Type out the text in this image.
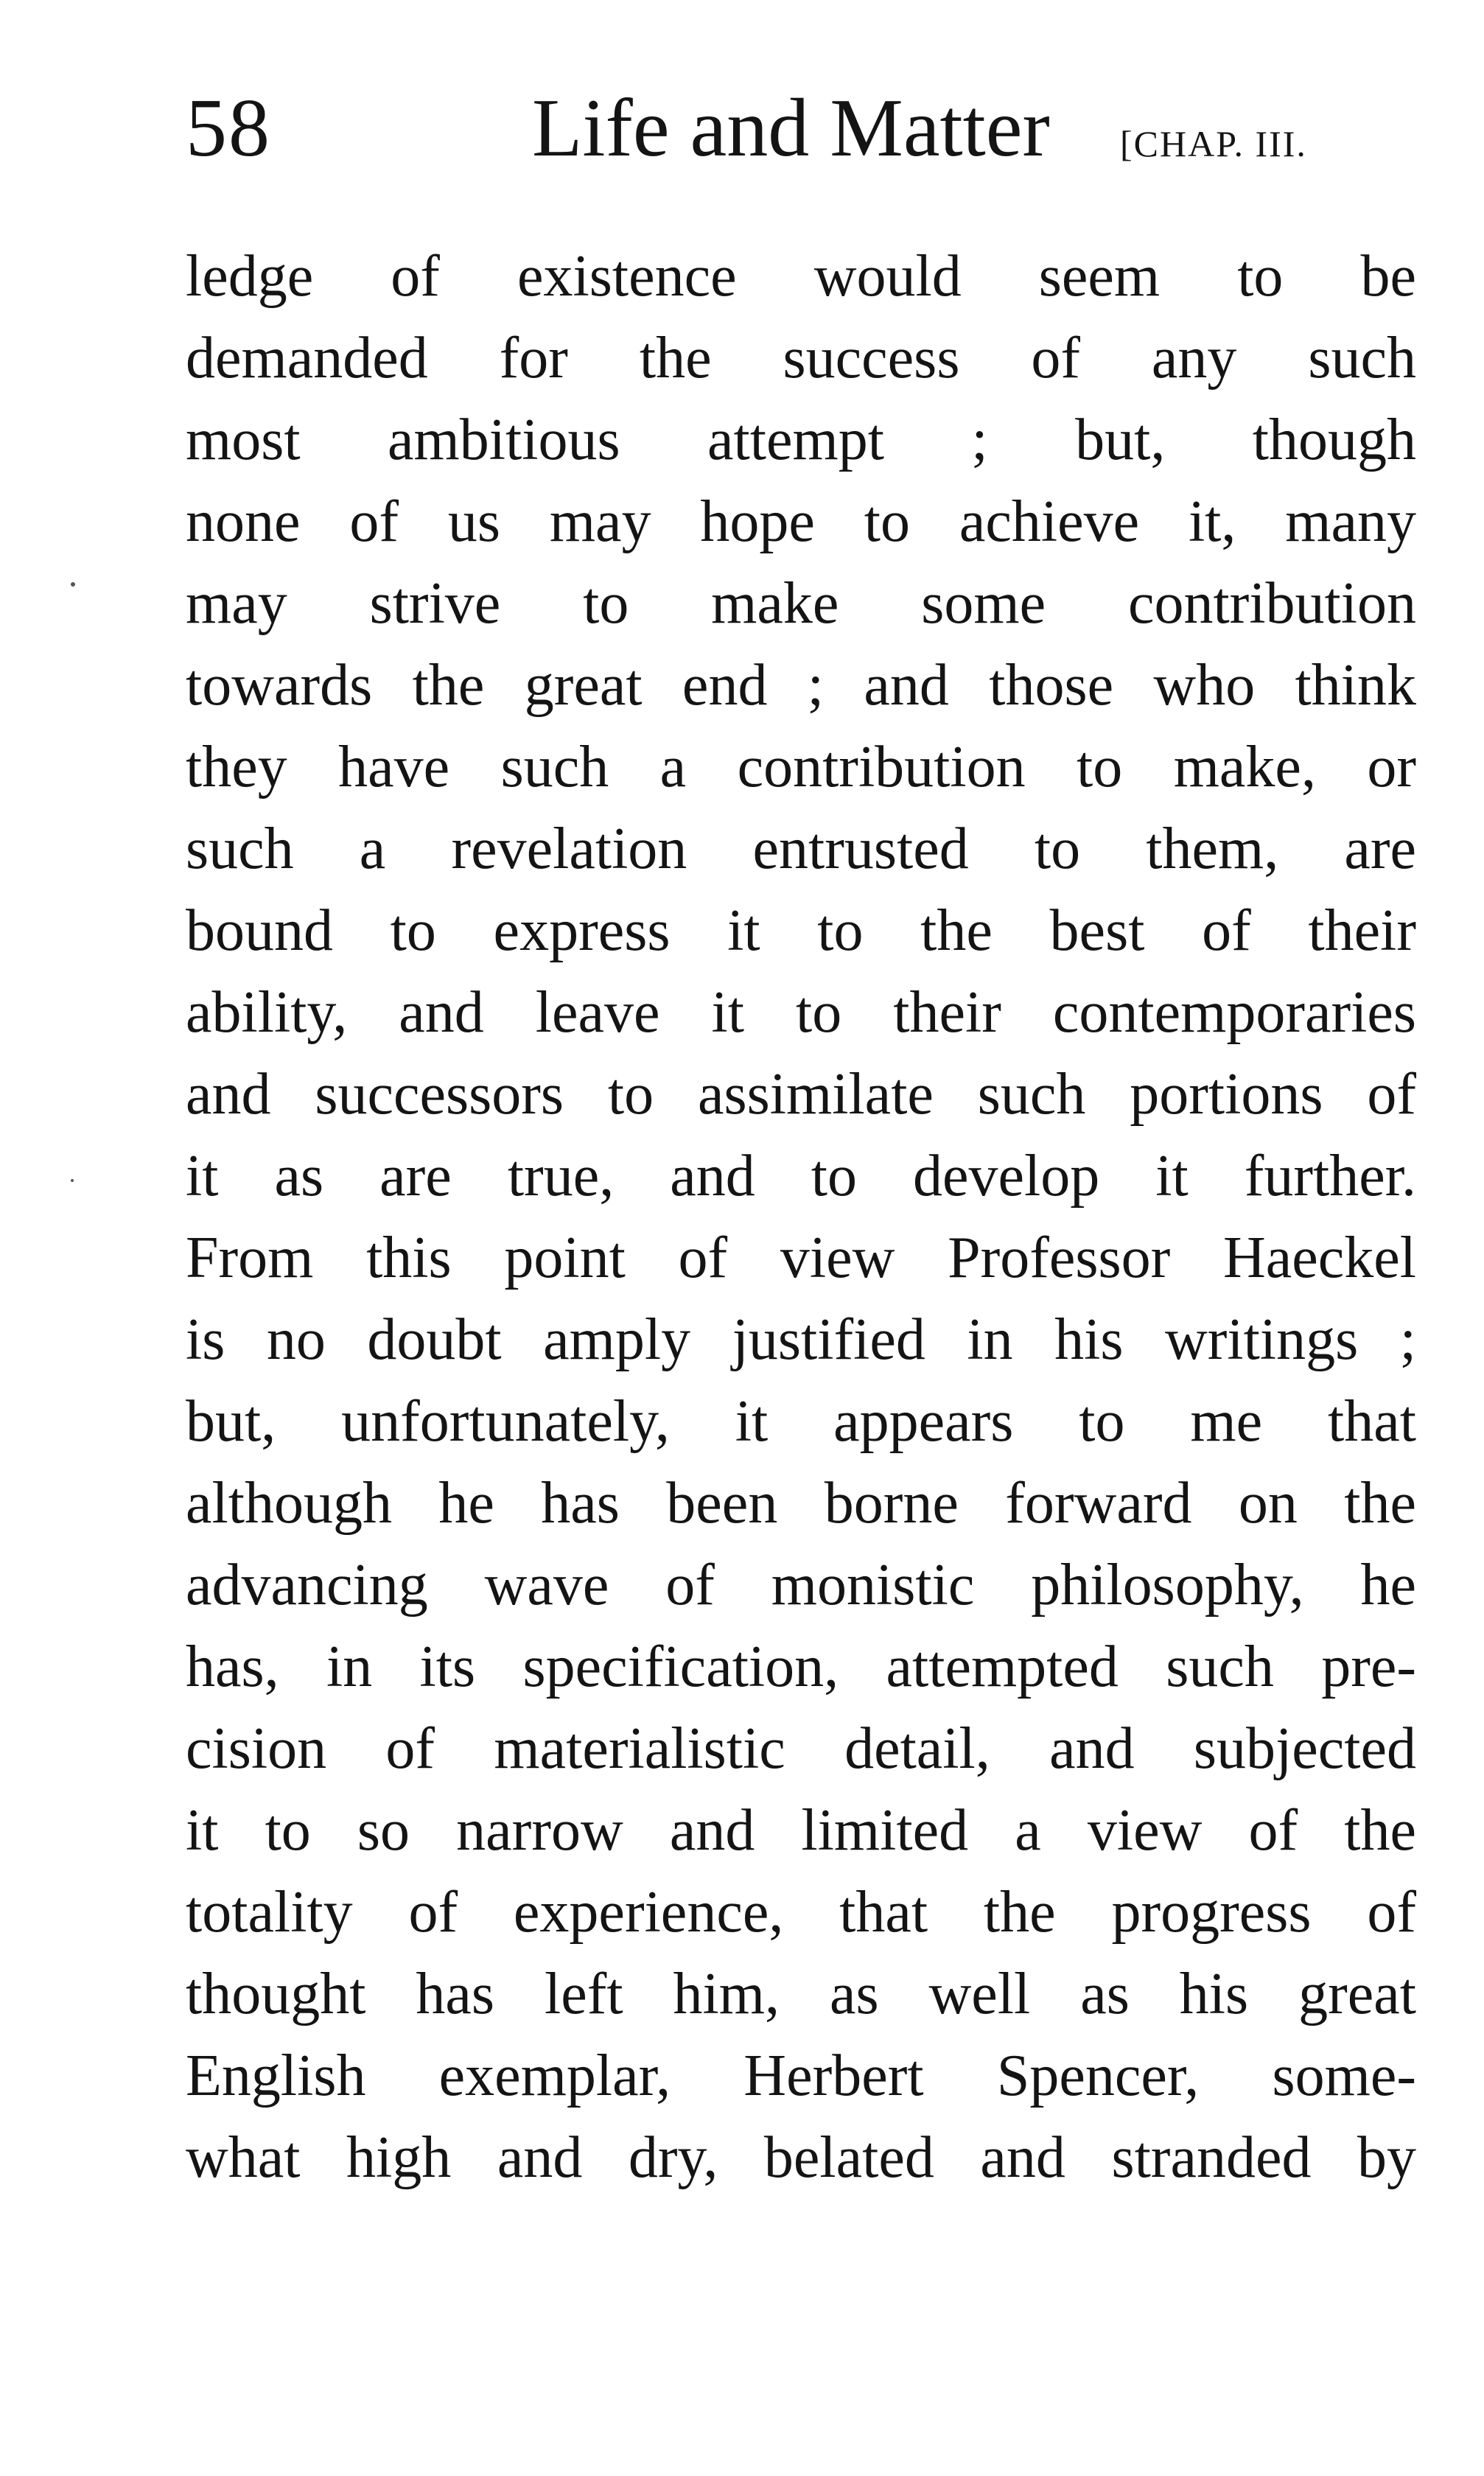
58	Life and Matter [CHAP. III.
ledge of existence would seem to be
demanded for the success of any such
most ambitious attempt ; but, though
none of us may hope to achieve it, many
may strive to make some contribution
towards the great end ; and those who think
they have such a contribution to make, or
such a revelation entrusted to them, are
bound to express it to the best of their
ability, and leave it to their contemporaries
and successors to assimilate such portions of
it as are true, and to develop it further.
From this point of view Professor Haeckel
is no doubt amply justified in his writings ;
but, unfortunately, it appears to me that
although he has been borne forward on the
advancing wave of monistic philosophy, he
has, in its specification, attempted such pre-
cision of materialistic detail, and subjected
it to so narrow and limited a view of the
totality of experience, that the progress of
thought has left him, as well as his great
English exemplar, Herbert Spencer, some-
what high and dry, belated and stranded by
